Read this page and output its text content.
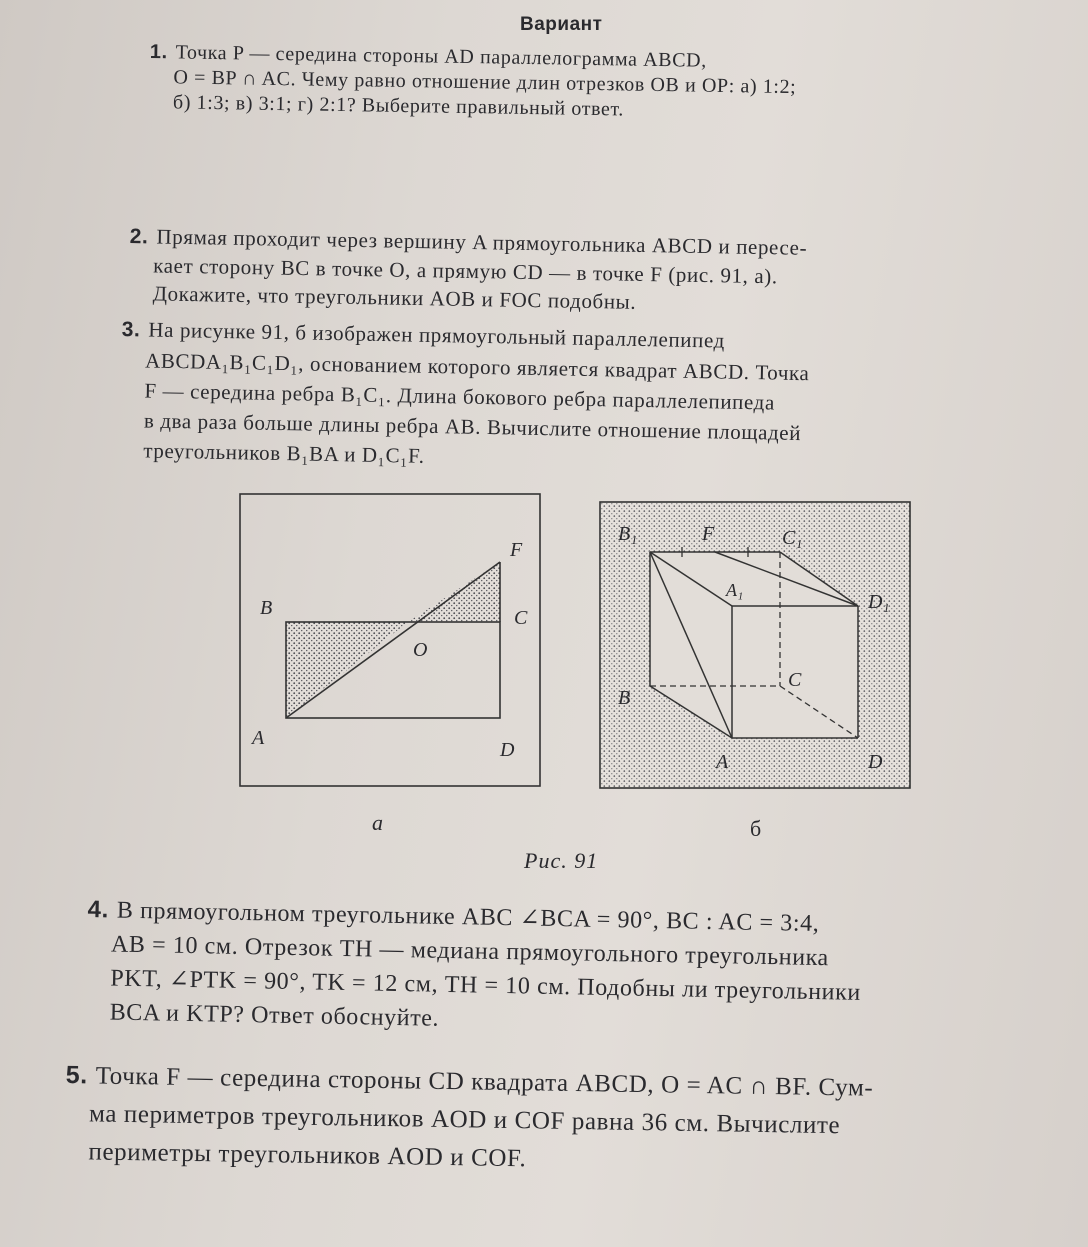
Вариант

1. Точка P — середина стороны AD параллелограмма ABCD,

O = BP ∩ AC. Чему равно отношение длин отрезков OB и OP: а) 1:2;

б) 1:3; в) 3:1; г) 2:1? Выберите правильный ответ.

2. Прямая проходит через вершину A прямоугольника ABCD и пересе-

кает сторону BC в точке O, а прямую CD — в точке F (рис. 91, а).

Докажите, что треугольники AOB и FOC подобны.

3. На рисунке 91, б изображен прямоугольный параллелепипед

ABCDA₁B₁C₁D₁, основанием которого является квадрат ABCD. Точка

F — середина ребра B₁C₁. Длина бокового ребра параллелепипеда

в два раза больше длины ребра AB. Вычислите отношение площадей

треугольников B₁BA и D₁C₁F.

B	C
A
D
O
F
B₁	F	C₁
A₁
D₁
B
C
A	D
а	б
Рис. 91

4. В прямоугольном треугольнике ABC ∠BCA = 90°, BC : AC = 3:4,

AB = 10 см. Отрезок TH — медиана прямоугольного треугольника

PKT, ∠PTK = 90°, TK = 12 см, TH = 10 см. Подобны ли треугольники

BCA и KTP? Ответ обоснуйте.

5. Точка F — середина стороны CD квадрата ABCD, O = AC ∩ BF. Сум-

ма периметров треугольников AOD и COF равна 36 см. Вычислите

периметры треугольников AOD и COF.
